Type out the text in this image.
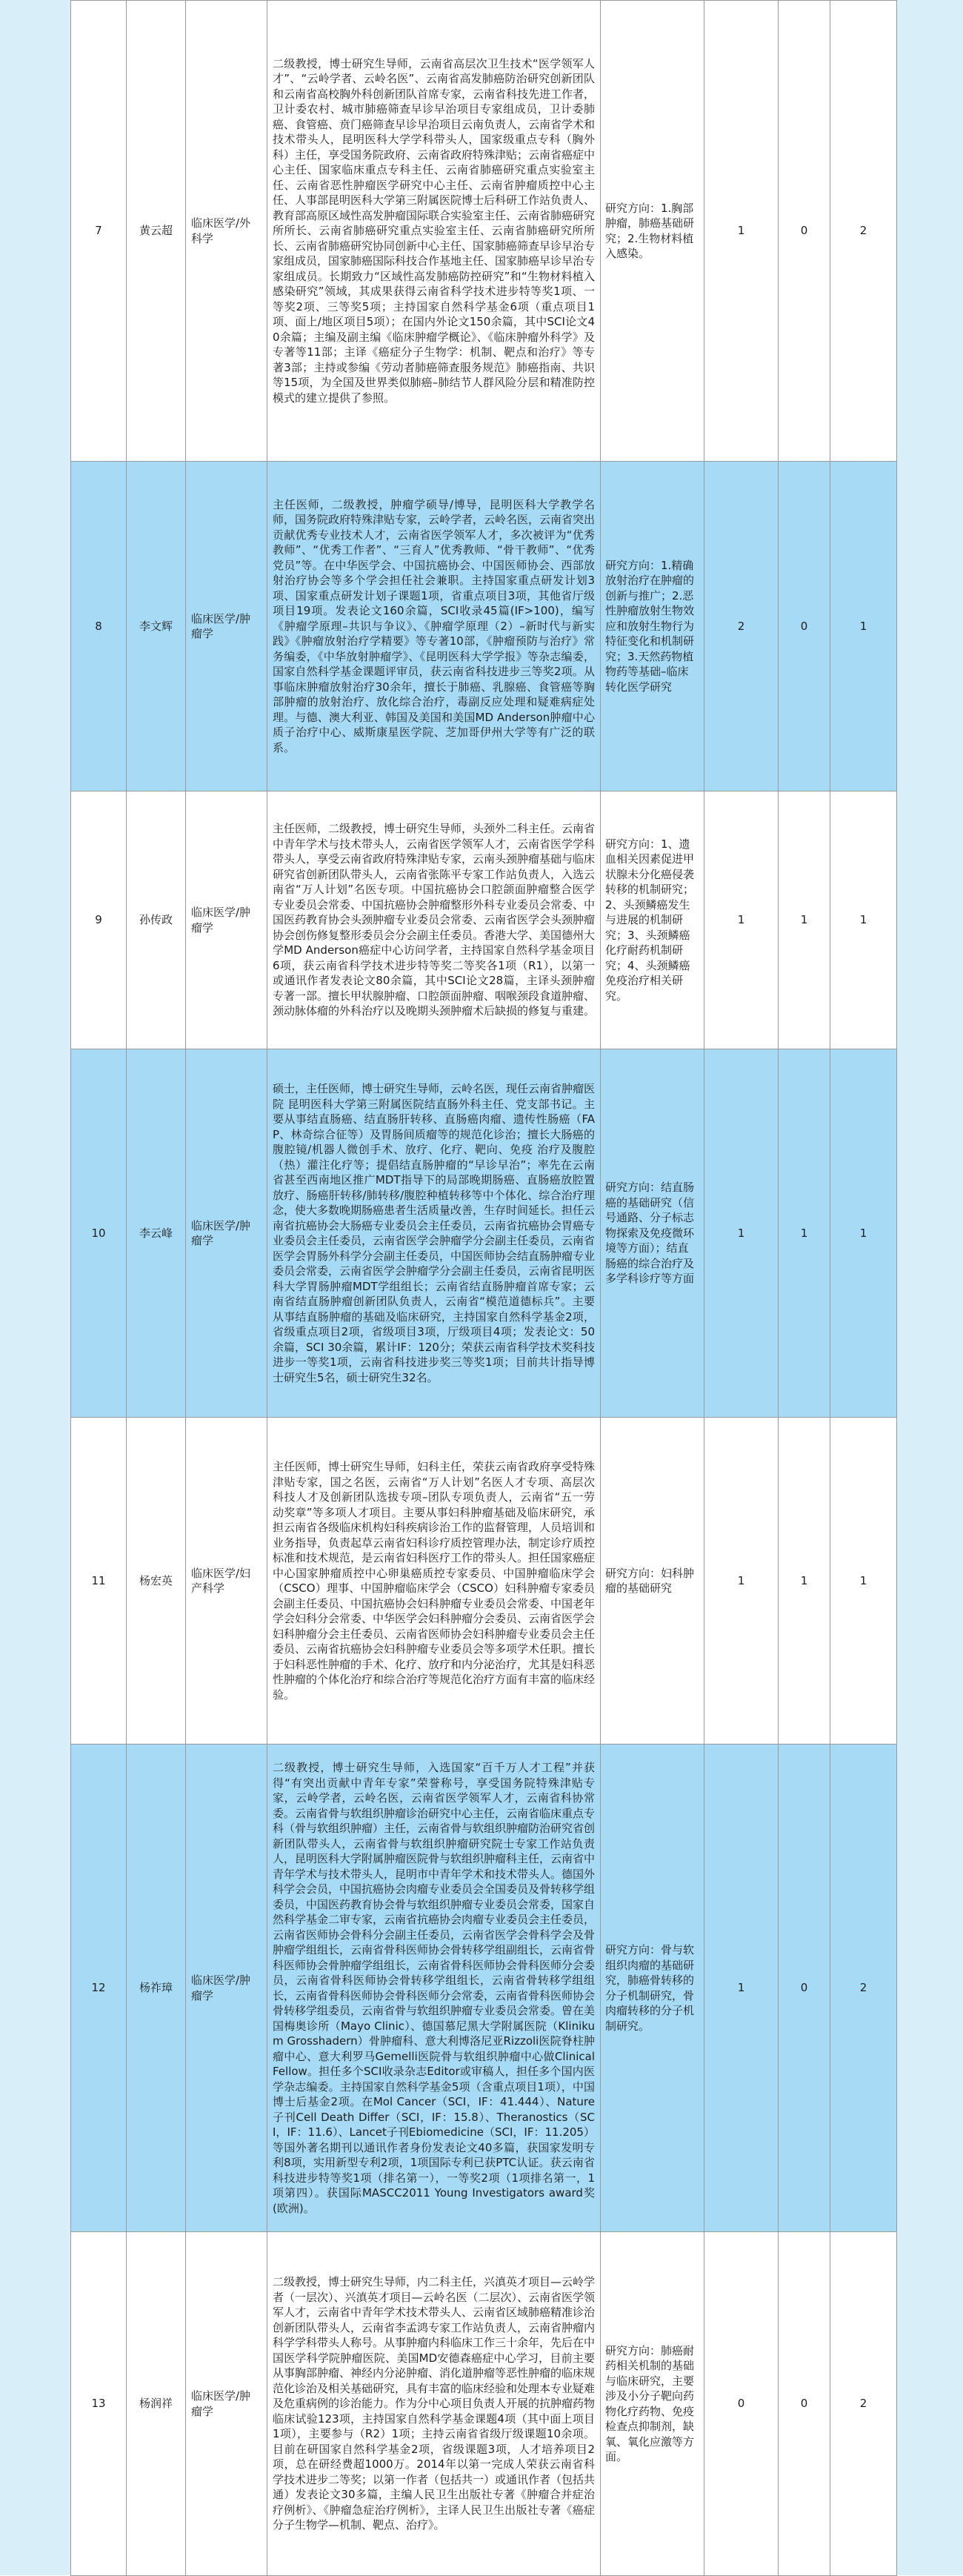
7	黄云超	临床医学/外科学	二级教授，博士研究生导师，云南省高层次卫生技术“医学领军人才”、“云岭学者、云岭名医”、云南省高发肺癌防治研究创新团队和云南省高校胸外科创新团队首席专家，云南省科技先进工作者，卫计委农村、城市肺癌筛查早诊早治项目专家组成员，卫计委肺癌、食管癌、贲门癌筛查早诊早治项目云南负责人，云南省学术和技术带头人，昆明医科大学学科带头人，国家级重点专科（胸外科）主任，享受国务院政府、云南省政府特殊津贴；云南省癌症中心主任、国家临床重点专科主任、云南省肺癌研究重点实验室主任、云南省恶性肿瘤医学研究中心主任、云南省肿瘤质控中心主任、人事部昆明医科大学第三附属医院博士后科研工作站负责人、教育部高原区域性高发肿瘤国际联合实验室主任、云南省肺癌研究所所长、云南省肺癌研究重点实验室主任、云南省肺癌研究所所长、云南省肺癌研究协同创新中心主任、国家肺癌筛查早诊早治专家组成员，国家肺癌国际科技合作基地主任、国家肺癌早诊早治专家组成员。长期致力“区域性高发肺癌防控研究”和“生物材料植入感染研究”领域，其成果获得云南省科学技术进步特等奖1项、一等奖2项、三等奖5项；主持国家自然科学基金6项（重点项目1项、面上/地区项目5项）；在国内外论文150余篇，其中SCI论文40余篇；主编及副主编《临床肿瘤学概论》、《临床肿瘤外科学》及专著等11部；主译《癌症分子生物学：机制、靶点和治疗》等专著3部；主持或参编《劳动者肺癌筛查服务规范》肺癌指南、共识等15项，为全国及世界类似肺癌–肺结节人群风险分层和精准防控模式的建立提供了参照。	研究方向：1.胸部肿瘤，肺癌基础研究；2.生物材料植入感染。	1	0	2
8	李文辉	临床医学/肿瘤学	主任医师，二级教授，肿瘤学硕导/博导，昆明医科大学教学名师，国务院政府特殊津贴专家，云岭学者，云岭名医，云南省突出贡献优秀专业技术人才，云南省医学领军人才，多次被评为“优秀教师”、“优秀工作者”、“三育人”优秀教师、“骨干教师”、“优秀党员”等。在中华医学会、中国抗癌协会、中国医师协会、西部放射治疗协会等多个学会担任社会兼职。主持国家重点研发计划3项、国家重点研发计划子课题1项，省重点项目3项，其他省厅级项目19项。发表论文160余篇，SCI收录45篇(IF>100)，编写《肿瘤学原理–共识与争议》、《肿瘤学原理（2）–新时代与新实践》《肿瘤放射治疗学精要》等专著10部，《肿瘤预防与治疗》常务编委，《中华放射肿瘤学》、《昆明医科大学学报》等杂志编委，国家自然科学基金课题评审员，获云南省科技进步三等奖2项。从事临床肿瘤放射治疗30余年，擅长于肺癌、乳腺癌、食管癌等胸部肿瘤的放射治疗、放化综合治疗，毒副反应处理和疑难病症处理。与德、澳大利亚、韩国及美国和美国MD Anderson肿瘤中心质子治疗中心、威斯康星医学院、芝加哥伊州大学等有广泛的联系。	研究方向：1.精确放射治疗在肿瘤的创新与推广；2.恶性肿瘤放射生物效应和放射生物行为特征变化和机制研究；3.天然药物植物药等基础–临床转化医学研究	2	0	1
9	孙传政	临床医学/肿瘤学	主任医师，二级教授，博士研究生导师，头颈外二科主任。云南省中青年学术与技术带头人，云南省医学领军人才，云南省医学学科带头人，享受云南省政府特殊津贴专家，云南头颈肿瘤基础与临床研究省创新团队带头人，云南省张陈平专家工作站负责人，入选云南省“万人计划”名医专项。中国抗癌协会口腔颌面肿瘤整合医学专业委员会常委、中国抗癌协会肿瘤整形外科专业委员会常委、中国医药教育协会头颈肿瘤专业委员会常委、云南省医学会头颈肿瘤协会创伤修复整形委员会分会副主任委员。香港大学、美国德州大学MD Anderson癌症中心访问学者，主持国家自然科学基金项目6项，获云南省科学技术进步特等奖二等奖各1项（R1），以第一或通讯作者发表论文80余篇，其中SCI论文28篇，主译头颈肿瘤专著一部。擅长甲状腺肿瘤、口腔颌面肿瘤、咽喉颈段食道肿瘤、颈动脉体瘤的外科治疗以及晚期头颈肿瘤术后缺损的修复与重建。	研究方向：1、遗血相关因素促进甲状腺未分化癌侵袭转移的机制研究；2、头颈鳞癌发生与进展的机制研究；3、头颈鳞癌化疗耐药机制研究；4、头颈鳞癌免疫治疗相关研究。	1	1	1
10	李云峰	临床医学/肿瘤学	硕士，主任医师，博士研究生导师，云岭名医，现任云南省肿瘤医院 昆明医科大学第三附属医院结直肠外科主任、党支部书记。主要从事结直肠癌、结直肠肝转移、直肠癌肉瘤、遗传性肠癌（FAP、林奇综合征等）及胃肠间质瘤等的规范化诊治；擅长大肠癌的腹腔镜/机器人微创手术、放疗、化疗、靶向、免疫 治疗及腹腔（热）灌注化疗等；提倡结直肠肿瘤的“早诊早治”；率先在云南省甚至西南地区推广MDT指导下的局部晚期肠癌、直肠癌放腔置放疗、肠癌肝转移/肺转移/腹腔种植转移等中个体化、综合治疗理念，使大多数晚期肠癌患者生活质量改善，生存时间延长。担任云南省抗癌协会大肠癌专业委员会主任委员，云南省抗癌协会胃癌专业委员会主任委员，云南省医学会肿瘤学分会副主任委员，云南省医学会胃肠外科学分会副主任委员，中国医师协会结直肠肿瘤专业委员会常委，云南省医学会肿瘤学分会副主任委员，云南省昆明医科大学胃肠肿瘤MDT学组组长；云南省结直肠肿瘤首席专家；云南省结直肠肿瘤创新团队负责人，云南省“模范道德标兵”。主要从事结直肠肿瘤的基础及临床研究，主持国家自然科学基金2项，省级重点项目2项，省级项目3项，厅级项目4项；发表论文：50余篇，SCI 30余篇，累计IF：120分；荣获云南省科学技术奖科技进步一等奖1项，云南省科技进步奖三等奖1项；目前共计指导博士研究生5名，硕士研究生32名。	研究方向：结直肠癌的基础研究（信号通路、分子标志物探索及免疫微环境等方面）；结直肠癌的综合治疗及多学科诊疗等方面	1	1	1
11	杨宏英	临床医学/妇产科学	主任医师，博士研究生导师，妇科主任，荣获云南省政府享受特殊津贴专家，国之名医，云南省“万人计划”名医人才专项、高层次科技人才及创新团队选拔专项–团队专项负责人，云南省“五一劳动奖章”等多项人才项目。主要从事妇科肿瘤基础及临床研究，承担云南省各级临床机构妇科疾病诊治工作的监督管理，人员培训和业务指导，负责起草云南省妇科诊疗质控管理办法，制定诊疗质控标准和技术规范，是云南省妇科医疗工作的带头人。担任国家癌症中心国家肿瘤质控中心卵巢癌质控专家委员、中国肿瘤临床学会（CSCO）理事、中国肿瘤临床学会（CSCO）妇科肿瘤专家委员会副主任委员、中国抗癌协会妇科肿瘤专业委员会常委、中国老年学会妇科分会常委、中华医学会妇科肿瘤分会委员、云南省医学会妇科肿瘤分会主任委员、云南省医师协会妇科肿瘤专业委员会主任委员、云南省抗癌协会妇科肿瘤专业委员会等多项学术任职。擅长于妇科恶性肿瘤的手术、化疗、放疗和内分泌治疗，尤其是妇科恶性肿瘤的个体化治疗和综合治疗等规范化治疗方面有丰富的临床经验。	研究方向：妇科肿瘤的基础研究	1	1	1
12	杨祚璋	临床医学/肿瘤学	二级教授，博士研究生导师，入选国家“百千万人才工程”并获得“有突出贡献中青年专家”荣誉称号，享受国务院特殊津贴专家，云岭学者，云岭名医，云南省医学领军人才，云南省科协常委。云南省骨与软组织肿瘤诊治研究中心主任，云南省临床重点专科（骨与软组织肿瘤）主任，云南省骨与软组织肿瘤防治研究省创新团队带头人，云南省骨与软组织肿瘤研究院士专家工作站负责人，昆明医科大学附属肿瘤医院骨与软组织肿瘤科主任，云南省中青年学术与技术带头人，昆明市中青年学术和技术带头人。德国外科学会会员，中国抗癌协会肉瘤专业委员会全国委员及骨转移学组委员，中国医药教育协会骨与软组织肿瘤专业委员会常委，国家自然科学基金二审专家，云南省抗癌协会肉瘤专业委员会主任委员，云南省医师协会骨科分会副主任委员，云南省医学会骨科学会及骨肿瘤学组组长，云南省骨科医师协会骨转移学组副组长，云南省骨科医师协会骨肿瘤学组组长，云南省骨科医师协会骨科医师分会委员，云南省骨科医师协会骨转移学组组长，云南省骨转移学组组长，云南省骨科医师协会骨科医师分会常委，云南省骨科医师协会骨转移学组委员，云南省骨与软组织肿瘤专业委员会常委。曾在美国梅奥诊所（Mayo Clinic）、德国慕尼黑大学附属医院（Klinikum Grosshadern）骨肿瘤科、意大利博洛尼亚Rizzoli医院脊柱肿瘤中心、意大利罗马Gemelli医院骨与软组织肿瘤中心做Clinical Fellow。担任多个SCI收录杂志Editor或审稿人，担任多个国内医学杂志编委。主持国家自然科学基金5项（含重点项目1项），中国博士后基金2项。在Mol Cancer（SCI，IF：41.444）、Nature子刊Cell Death Differ（SCI，IF：15.8）、Theranostics（SCI，IF：11.6）、Lancet子刊Ebiomedicine（SCI，IF：11.205）等国外著名期刊以通讯作者身份发表论文40多篇，获国家发明专利8项，实用新型专利2项，1项国际专利已获PTC认证。获云南省科技进步特等奖1项（排名第一），一等奖2项（1项排名第一，1项第四）。获国际MASCC2011 Young Investigators award奖(欧洲)。	研究方向：骨与软组织肉瘤的基础研究，肺癌骨转移的分子机制研究，骨肉瘤转移的分子机制研究。	1	0	2
13	杨润祥	临床医学/肿瘤学	二级教授，博士研究生导师，内二科主任，兴滇英才项目—云岭学者（一层次）、兴滇英才项目—云岭名医（二层次）、云南省医学领军人才，云南省中青年学术技术带头人、云南省区域肺癌精准诊治创新团队带头人，云南省李孟鸿专家工作站负责人，云南省肿瘤内科学学科带头人称号。从事肿瘤内科临床工作三十余年，先后在中国医学科学院肿瘤医院、美国MD安德森癌症中心学习，目前主要从事胸部肿瘤、神经内分泌肿瘤、消化道肿瘤等恶性肿瘤的临床规范化诊治及相关基础研究，具有丰富的临床经验和处理本专业疑难及危重病例的诊治能力。作为分中心项目负责人开展的抗肿瘤药物临床试验123项，主持国家自然科学基金课题4项（其中面上项目1项），主要参与（R2）1项；主持云南省省级厅级课题10余项。目前在研国家自然科学基金2项，省级课题3项，人才培养项目2项，总在研经费超1000万。2014年以第一完成人荣获云南省科学技术进步二等奖；以第一作者（包括共一）或通讯作者（包括共通）发表论文30多篇，主编人民卫生出版社专著《肿瘤合并症治疗例析》、《肿瘤急症治疗例析》，主译人民卫生出版社专著《癌症分子生物学—机制、靶点、治疗》。	研究方向：肺癌耐药相关机制的基础与临床研究，主要涉及小分子靶向药物化疗药物、免疫检查点抑制剂，缺氧、氧化应激等方面。	0	0	2
